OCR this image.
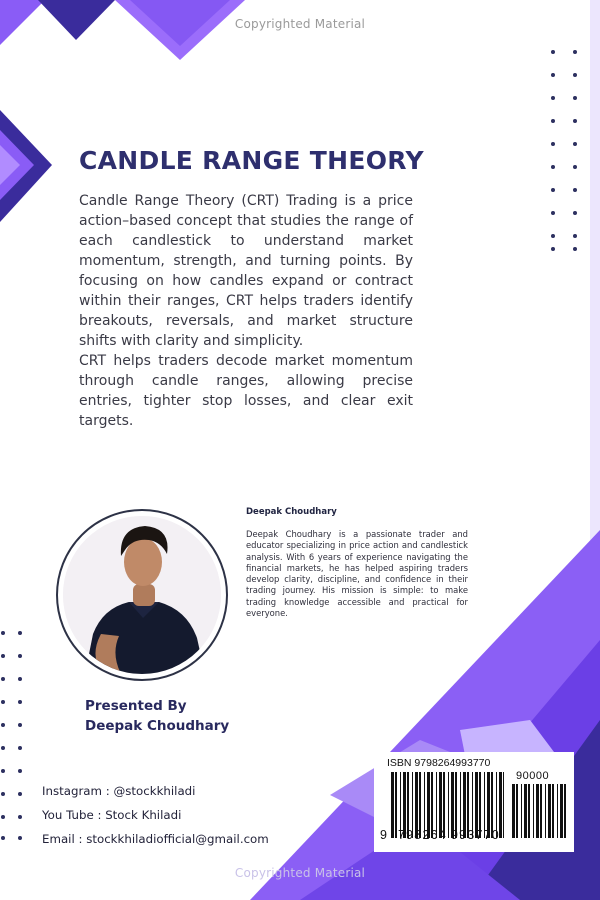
Copyrighted Material
CANDLE RANGE THEORY

Candle Range Theory (CRT) Trading is a price action–based concept that studies the range of each candlestick to understand market momentum, strength, and turning points. By focusing on how candles expand or contract within their ranges, CRT helps traders identify breakouts, reversals, and market structure shifts with clarity and simplicity.

CRT helps traders decode market momentum through candle ranges, allowing precise entries, tighter stop losses, and clear exit targets.

Deepak Choudhary

Deepak Choudhary is a passionate trader and educator specializing in price action and candlestick analysis. With 6 years of experience navigating the financial markets, he has helped aspiring traders develop clarity, discipline, and confidence in their trading journey. His mission is simple: to make trading knowledge accessible and practical for everyone.

Presented By
Deepak Choudhary
Instagram : @stockkhiladi
You Tube : Stock Khiladi
Email : stockkhiladiofficial@gmail.com
ISBN 9798264993770
90000
9 798264 993770
Copyrighted Material
